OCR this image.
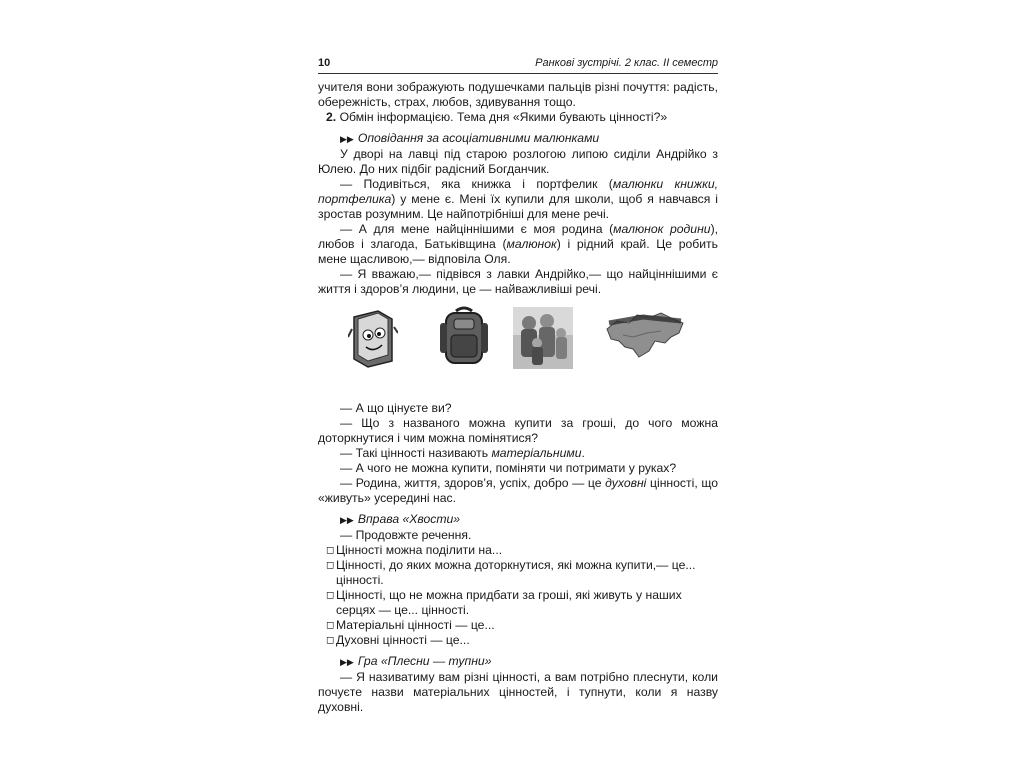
10	Ранкові зустрічі. 2 клас. II семестр

учителя вони зображують подушечками пальців різні почуття: радість, обережність, страх, любов, здивування тощо.

2. Обмін інформацією. Тема дня «Якими бувають цінності?»

▶▶ Оповідання за асоціативними малюнками

У дворі на лавці під старою розлогою липою сиділи Андрійко з Юлею. До них підбіг радісний Богданчик.

— Подивіться, яка книжка і портфелик (малюнки книжки, портфелика) у мене є. Мені їх купили для школи, щоб я навчався і зростав розумним. Це найпотрібніші для мене речі.

— А для мене найціннішими є моя родина (малюнок родини), любов і злагода, Батьківщина (малюнок) і рідний край. Це робить мене щасливою,— відповіла Оля.

— Я вважаю,— підвівся з лавки Андрійко,— що найціннішими є життя і здоров’я людини, це — найважливіші речі.

— А що цінуєте ви?

— Що з названого можна купити за гроші, до чого можна доторкнутися і чим можна помінятися?

— Такі цінності називають матеріальними.

— А чого не можна купити, поміняти чи потримати у руках?

— Родина, життя, здоров’я, успіх, добро — це духовні цінності, що «живуть» усередині нас.

▶▶ Вправа «Хвости»

— Продовжте речення.

◻ Цінності можна поділити на...
◻ Цінності, до яких можна доторкнутися, які можна купити,— це...
цінності.
◻ Цінності, що не можна придбати за гроші, які живуть у наших
серцях — це... цінності.
◻ Матеріальні цінності — це...
◻ Духовні цінності — це...

▶▶ Гра «Плесни — тупни»

— Я називатиму вам різні цінності, а вам потрібно плеснути, коли почуєте назви матеріальних цінностей, і тупнути, коли я назву духовні.
